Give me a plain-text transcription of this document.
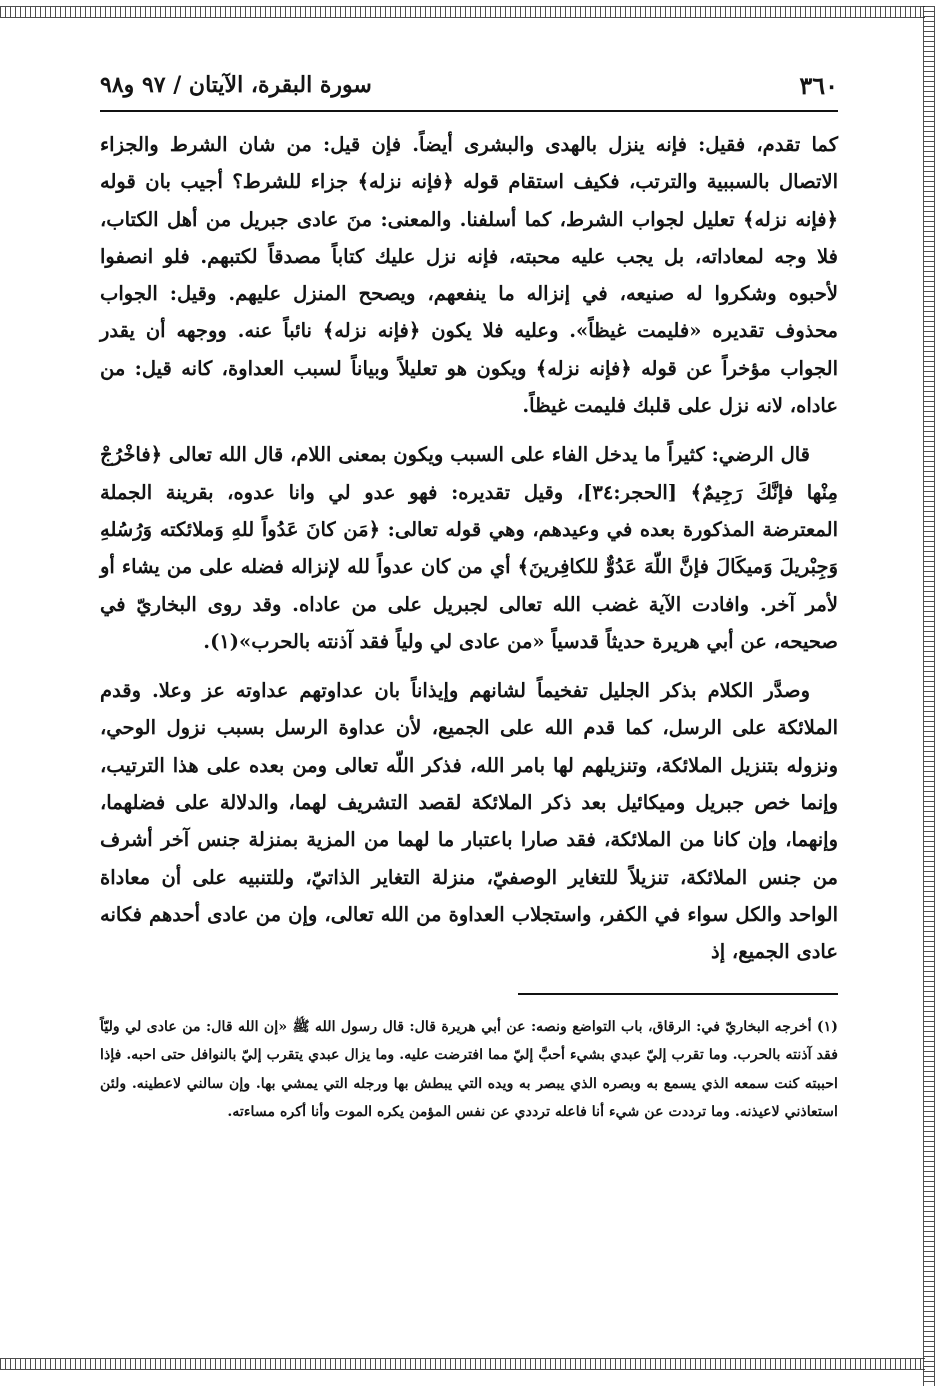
٣٦٠
سورة البقرة، الآيتان / ٩٧ و٩٨

كما تقدم، فقيل: فإنه ينزل بالهدى والبشرى أيضاً. فإن قيل: من شان الشرط والجزاء الاتصال بالسببية والترتب، فكيف استقام قوله ﴿فإنه نزله﴾ جزاء للشرط؟ أجيب بان قوله ﴿فإنه نزله﴾ تعليل لجواب الشرط، كما أسلفنا. والمعنى: منَ عادى جبريل من أهل الكتاب، فلا وجه لمعاداته، بل يجب عليه محبته، فإنه نزل عليك كتاباً مصدقاً لكتبهم. فلو انصفوا لأحبوه وشكروا له صنيعه، في إنزاله ما ينفعهم، ويصحح المنزل عليهم. وقيل: الجواب محذوف تقديره «فليمت غيظاً». وعليه فلا يكون ﴿فإنه نزله﴾ نائباً عنه. ووجهه أن يقدر الجواب مؤخراً عن قوله ﴿فإنه نزله﴾ ويكون هو تعليلاً وبياناً لسبب العداوة، كانه قيل: من عاداه، لانه نزل على قلبك فليمت غيظاً.

قال الرضي: كثيراً ما يدخل الفاء على السبب ويكون بمعنى اللام، قال الله تعالى ﴿فاخْرُجْ مِنْها فإنَّكَ رَجِيمٌ﴾ [الحجر:٣٤]، وقيل تقديره: فهو عدو لي وانا عدوه، بقرينة الجملة المعترضة المذكورة بعده في وعيدهم، وهي قوله تعالى: ﴿مَن كانَ عَدُواً للهِ وَملائكته وَرُسُلهِ وَجِبْريلَ وَميكَالَ فإنَّ اللّهَ عَدُوٌّ للكافِرينَ﴾ أي من كان عدواً لله لإنزاله فضله على من يشاء أو لأمر آخر. وافادت الآية غضب الله تعالى لجبريل على من عاداه. وقد روى البخاريّ في صحيحه، عن أبي هريرة حديثاً قدسياً «من عادى لي ولياً فقد آذنته بالحرب»(١).

وصدَّر الكلام بذكر الجليل تفخيماً لشانهم وإيذاناً بان عداوتهم عداوته عز وعلا. وقدم الملائكة على الرسل، كما قدم الله على الجميع، لأن عداوة الرسل بسبب نزول الوحي، ونزوله بتنزيل الملائكة، وتنزيلهم لها بامر الله، فذكر اللّه تعالى ومن بعده على هذا الترتيب، وإنما خص جبريل وميكائيل بعد ذكر الملائكة لقصد التشريف لهما، والدلالة على فضلهما، وإنهما، وإن كانا من الملائكة، فقد صارا باعتبار ما لهما من المزية بمنزلة جنس آخر أشرف من جنس الملائكة، تنزيلاً للتغاير الوصفيّ، منزلة التغاير الذاتيّ، وللتنبيه على أن معاداة الواحد والكل سواء في الكفر، واستجلاب العداوة من الله تعالى، وإن من عادى أحدهم فكانه عادى الجميع، إذ

(١) أخرجه البخاريّ في: الرقاق، باب التواضع ونصه: عن أبي هريرة قال: قال رسول الله ﷺ «إن الله قال: من عادى لي وليّاً فقد آذنته بالحرب. وما تقرب إليّ عبدي بشيء أحبَّ إليّ مما افترضت عليه. وما يزال عبدي يتقرب إليّ بالنوافل حتى احبه. فإذا احببته كنت سمعه الذي يسمع به وبصره الذي يبصر به ويده التي يبطش بها ورجله التي يمشي بها. وإن سالني لاعطينه. ولئن استعاذني لاعيذنه. وما ترددت عن شيء أنا فاعله ترددي عن نفس المؤمن يكره الموت وأنا أكره مساءته.
